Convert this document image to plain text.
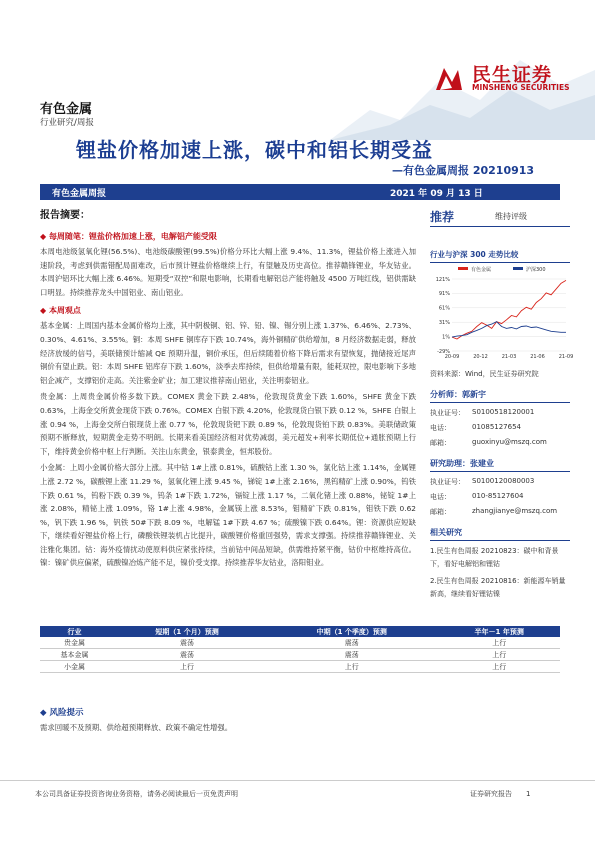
民生证券
MINSHENG SECURITIES
有色金属
行业研究/周报
锂盐价格加速上涨，碳中和铝长期受益
—有色金属周报 20210913
有色金属周报	2021 年 09 月 13 日
报告摘要：
◆ 每周随笔：锂盐价格加速上涨，电解铝产能受限

本周电池级氢氧化锂(56.5%)、电池级碳酸锂(99.5%)价格分环比大幅上涨 9.4%、11.3%，锂盐价格上涨进入加速阶段，考虑到供需错配局面难改，后市预计锂盐价格继续上行，有望触及历史高位。推荐赣锋锂业，华友钴业。本周沪铝环比大幅上涨 6.46%。短期受“双控”和限电影响，长期看电解铝总产能将触及 4500 万吨红线，铝供需缺口明显。持续推荐龙头中国铝业、南山铝业。

◆ 本周观点

基本金属：上周国内基本金属价格均上涨，其中阴极铜、铝、锌、铅、镍、锡分别上涨 1.37%、6.46%、2.73%、0.30%、4.61%、3.55%。铜：本周 SHFE 铜库存下跌 10.74%，海外铜精矿供给增加，8 月经济数据走弱，释放经济放缓的信号，美联储预计缩减 QE 预期升温，铜价承压，但后续随着价格下降后需求有望恢复，抛储接近尾声铜价有望止跌。铝：本周 SHFE 铝库存下跌 1.60%，淡季去库持续，但供给增量有限，能耗双控，限电影响下多地铝企减产，支撑铝价走高。关注紫金矿业；加工建议推荐南山铝业，关注明泰铝业。

贵金属：上周贵金属价格多数下跌。COMEX 黄金下跌 2.48%，伦敦现货黄金下跌 1.60%，SHFE 黄金下跌 0.63%，上海金交所黄金现货下跌 0.76%。COMEX 白银下跌 4.20%，伦敦现货白银下跌 0.12 %，SHFE 白银上涨 0.94 %，上海金交所白银现货上涨 0.77 %，伦敦现货钯下跌 0.89 %，伦敦现货铂下跌 0.83%。美联储政策预期不断释放，短期黄金走势不明朗。长期来看美国经济相对优势减弱，美元超发+利率长期低位+通胀预期上行下，维持黄金价格中枢上行判断。关注山东黄金，银泰黄金，恒邦股份。

小金属：上周小金属价格大部分上涨。其中钴 1#上涨 0.81%，硫酸钴上涨 1.30 %，氯化钴上涨 1.14%，金属锂上涨 2.72 %，碳酸锂上涨 11.29 %，氢氧化锂上涨 9.45 %，锑锭 1#上涨 2.16%，黑钨精矿上涨 0.90%，钨铁下跌 0.61 %，钨粉下跌 0.39 %，钨条 1#下跌 1.72%，镉锭上涨 1.17 %，二氧化锗上涨 0.88%，铋锭 1#上涨 2.08%，精铋上涨 1.09%，铬 1#上涨 4.98%，金属镁上涨 8.53%，钼精矿下跌 0.81%，钼铁下跌 0.62 %，钒下跌 1.96 %，钒铁 50#下跌 8.09 %，电解锰 1#下跌 4.67 %；硫酸镍下跌 0.64%。锂：资源供应短缺下，继续看好锂盐价格上行，磷酸铁锂装机占比提升，碳酸锂价格重回强势，需求支撑强。持续推荐赣锋锂业、关注雅化集团。钴：海外疫情扰动使原料供应紧张持续，当前钴中间品短缺，供需维持紧平衡，钴价中枢维持高位。镍：镍矿供应偏紧，硫酸镍冶炼产能不足，镍价受支撑。持续推荐华友钴业，洛阳钼业。

推荐	维持评级
行业与沪深 300 走势比较
有色金属	沪深300
121%
91%
61%
31%
1%
-29%
20-09	20-12	21-03	21-06	21-09
资料来源：Wind，民生证券研究院
分析师：郭新宇
执业证号：	S0100518120001
电话：	01085127654
邮箱：	guoxinyu@mszq.com
研究助理：张建业
执业证号：	S0100120080003
电话：	010-85127604
邮箱：	zhangjianye@mszq.com
相关研究
1.民生有色周报 20210823：碳中和背景下，看好电解铝和锂钴
2.民生有色周报 20210816：新能源车销量新高，继续看好锂钴镍
行业	短期（1 个月）预测	中期（1 个季度）预测	半年－1 年预测
贵金属	震荡	震荡	上行
基本金属	震荡	震荡	上行
小金属	上行	上行	上行
◆ 风险提示
需求回暖不及预期、供给超预期释放、政策不确定性增强。
本公司具备证券投资咨询业务资格，请务必阅读最后一页免责声明	证券研究报告　　1
